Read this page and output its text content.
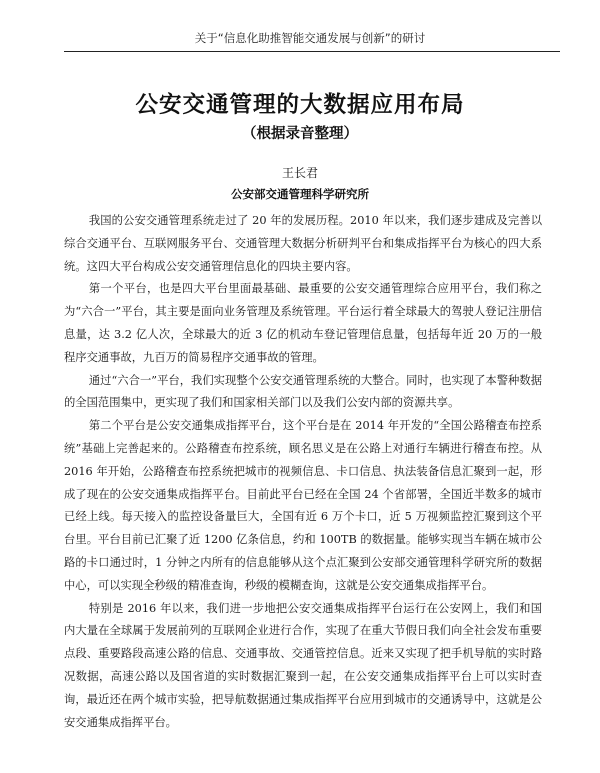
关于“信息化助推智能交通发展与创新”的研讨
公安交通管理的大数据应用布局
（根据录音整理）
王长君
公安部交通管理科学研究所

我国的公安交通管理系统走过了 20 年的发展历程。2010 年以来，我们逐步建成及完善以综合交通平台、互联网服务平台、交通管理大数据分析研判平台和集成指挥平台为核心的四大系统。这四大平台构成公安交通管理信息化的四块主要内容。

第一个平台，也是四大平台里面最基础、最重要的公安交通管理综合应用平台，我们称之为“六合一”平台，其主要是面向业务管理及系统管理。平台运行着全球最大的驾驶人登记注册信息量，达 3.2 亿人次，全球最大的近 3 亿的机动车登记管理信息量，包括每年近 20 万的一般程序交通事故，九百万的简易程序交通事故的管理。

通过“六合一”平台，我们实现整个公安交通管理系统的大整合。同时，也实现了本警种数据的全国范围集中，更实现了我们和国家相关部门以及我们公安内部的资源共享。

第二个平台是公安交通集成指挥平台，这个平台是在 2014 年开发的“全国公路稽查布控系统”基础上完善起来的。公路稽查布控系统，顾名思义是在公路上对通行车辆进行稽查布控。从 2016 年开始，公路稽查布控系统把城市的视频信息、卡口信息、执法装备信息汇聚到一起，形成了现在的公安交通集成指挥平台。目前此平台已经在全国 24 个省部署，全国近半数多的城市已经上线。每天接入的监控设备量巨大，全国有近 6 万个卡口，近 5 万视频监控汇聚到这个平台里。平台目前已汇聚了近 1200 亿条信息，约和 100TB 的数据量。能够实现当车辆在城市公路的卡口通过时，1 分钟之内所有的信息能够从这个点汇聚到公安部交通管理科学研究所的数据中心，可以实现全秒级的精准查询，秒级的模糊查询，这就是公安交通集成指挥平台。

特别是 2016 年以来，我们进一步地把公安交通集成指挥平台运行在公安网上，我们和国内大量在全球属于发展前列的互联网企业进行合作，实现了在重大节假日我们向全社会发布重要点段、重要路段高速公路的信息、交通事故、交通管控信息。近来又实现了把手机导航的实时路况数据，高速公路以及国省道的实时数据汇聚到一起，在公安交通集成指挥平台上可以实时查询，最近还在两个城市实验，把导航数据通过集成指挥平台应用到城市的交通诱导中，这就是公安交通集成指挥平台。
